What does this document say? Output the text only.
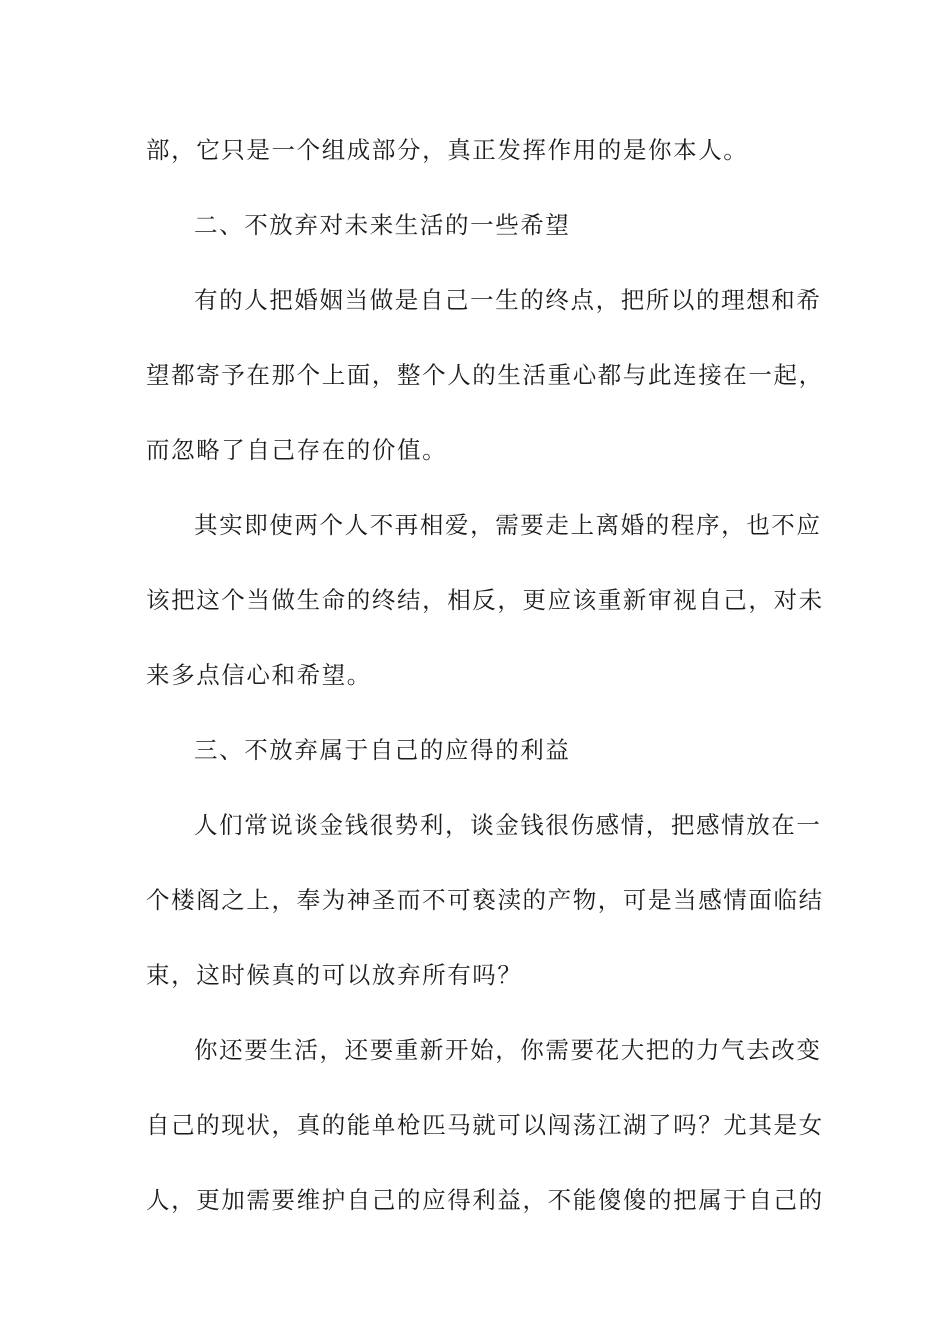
部，它只是一个组成部分，真正发挥作用的是你本人。
二、不放弃对未来生活的一些希望
有的人把婚姻当做是自己一生的终点，把所以的理想和希
望都寄予在那个上面，整个人的生活重心都与此连接在一起，
而忽略了自己存在的价值。
其实即使两个人不再相爱，需要走上离婚的程序，也不应
该把这个当做生命的终结，相反，更应该重新审视自己，对未
来多点信心和希望。
三、不放弃属于自己的应得的利益
人们常说谈金钱很势利，谈金钱很伤感情，把感情放在一
个楼阁之上，奉为神圣而不可亵渎的产物，可是当感情面临结
束，这时候真的可以放弃所有吗？
你还要生活，还要重新开始，你需要花大把的力气去改变
自己的现状，真的能单枪匹马就可以闯荡江湖了吗？尤其是女
人，更加需要维护自己的应得利益，不能傻傻的把属于自己的
